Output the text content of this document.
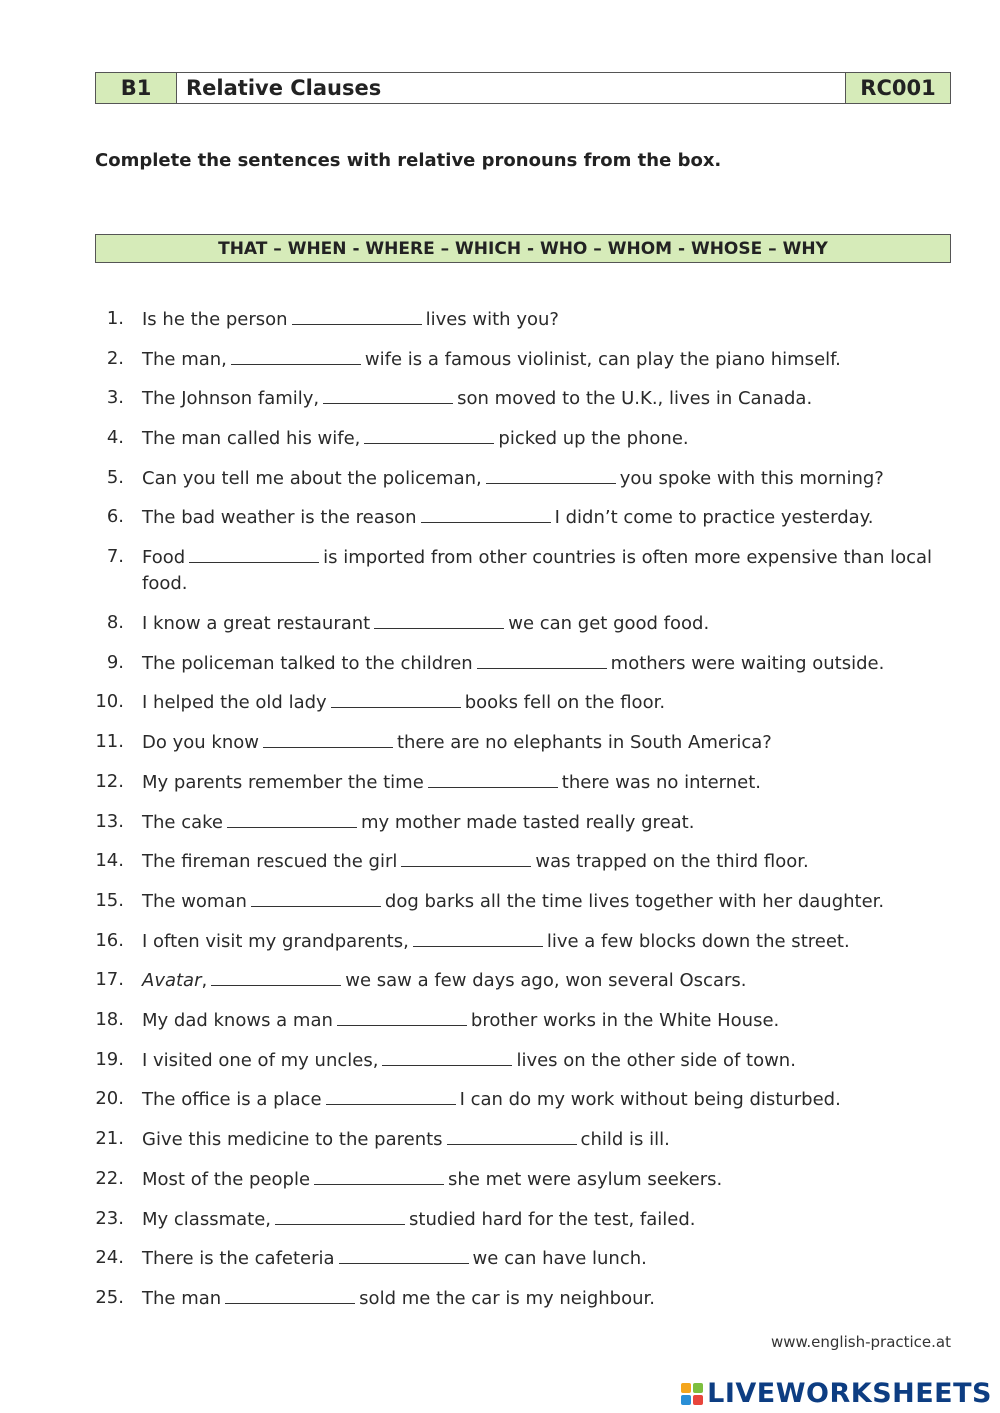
B1	Relative Clauses	RC001
Complete the sentences with relative pronouns from the box.
THAT – WHEN - WHERE – WHICH - WHO – WHOM - WHOSE – WHY
1. Is he the person	lives with you?
2. The man,	wife is a famous violinist, can play the piano himself.
3. The Johnson family,	son moved to the U.K., lives in Canada.
4. The man called his wife,	picked up the phone.
5. Can you tell me about the policeman,	you spoke with this morning?
6. The bad weather is the reason	I didn’t come to practice yesterday.
7. Food	is imported from other countries is often more expensive than local food.
8. I know a great restaurant	we can get good food.
9. The policeman talked to the children	mothers were waiting outside.
10. I helped the old lady	books fell on the floor.
11. Do you know	there are no elephants in South America?
12. My parents remember the time	there was no internet.
13. The cake	my mother made tasted really great.
14. The fireman rescued the girl	was trapped on the third floor.
15. The woman	dog barks all the time lives together with her daughter.
16. I often visit my grandparents,	live a few blocks down the street.
17. Avatar,	we saw a few days ago, won several Oscars.
18. My dad knows a man	brother works in the White House.
19. I visited one of my uncles,	lives on the other side of town.
20. The office is a place	I can do my work without being disturbed.
21. Give this medicine to the parents	child is ill.
22. Most of the people	she met were asylum seekers.
23. My classmate,	studied hard for the test, failed.
24. There is the cafeteria	we can have lunch.
25. The man	sold me the car is my neighbour.
www.english-practice.at
LIVEWORKSHEETS
